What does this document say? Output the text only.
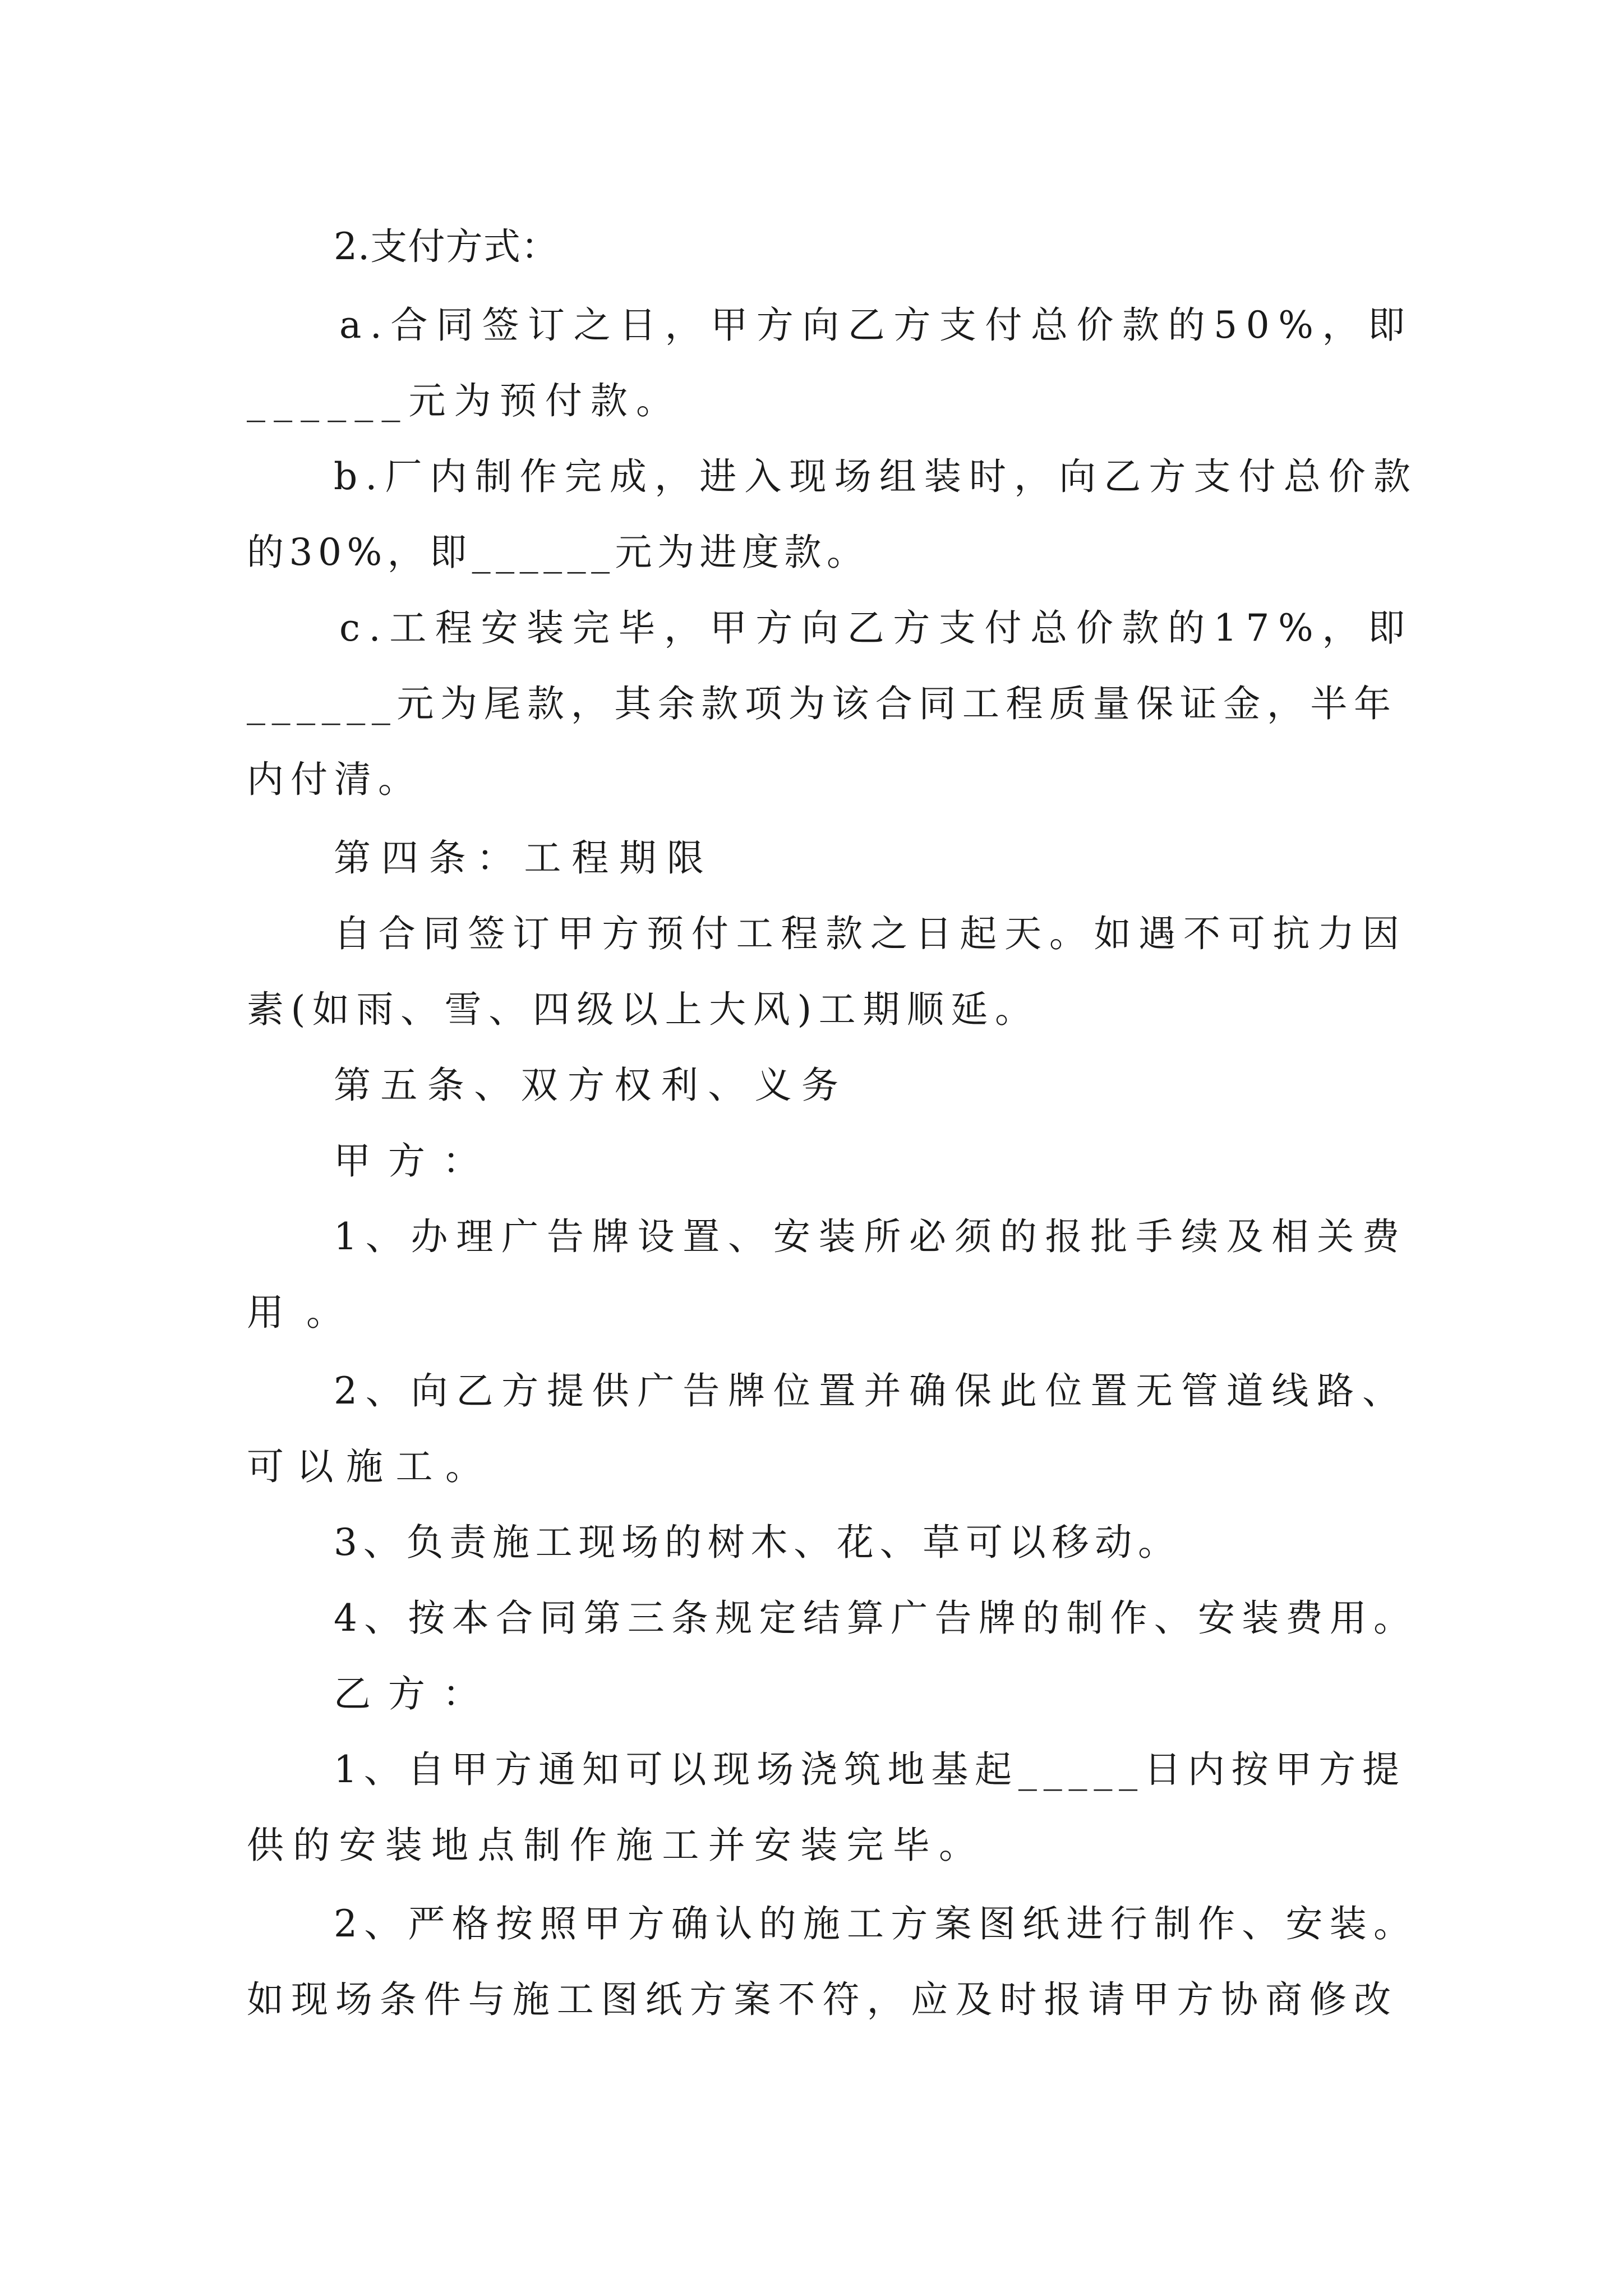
2.支付方式：
a.合同签订之日，甲方向乙方支付总价款的50%，即
______元为预付款。
b.厂内制作完成，进入现场组装时，向乙方支付总价款
的30%，即______元为进度款。
c.工程安装完毕，甲方向乙方支付总价款的17%，即
______元为尾款，其余款项为该合同工程质量保证金，半年
内付清。
第四条：工程期限
自合同签订甲方预付工程款之日起天。如遇不可抗力因
素(如雨、雪、四级以上大风)工期顺延。
第五条、双方权利、义务
甲方：
1、办理广告牌设置、安装所必须的报批手续及相关费
用。
2、向乙方提供广告牌位置并确保此位置无管道线路、
可以施工。
3、负责施工现场的树木、花、草可以移动。
4、按本合同第三条规定结算广告牌的制作、安装费用。
乙方：
1、自甲方通知可以现场浇筑地基起_____日内按甲方提
供的安装地点制作施工并安装完毕。
2、严格按照甲方确认的施工方案图纸进行制作、安装。
如现场条件与施工图纸方案不符，应及时报请甲方协商修改
